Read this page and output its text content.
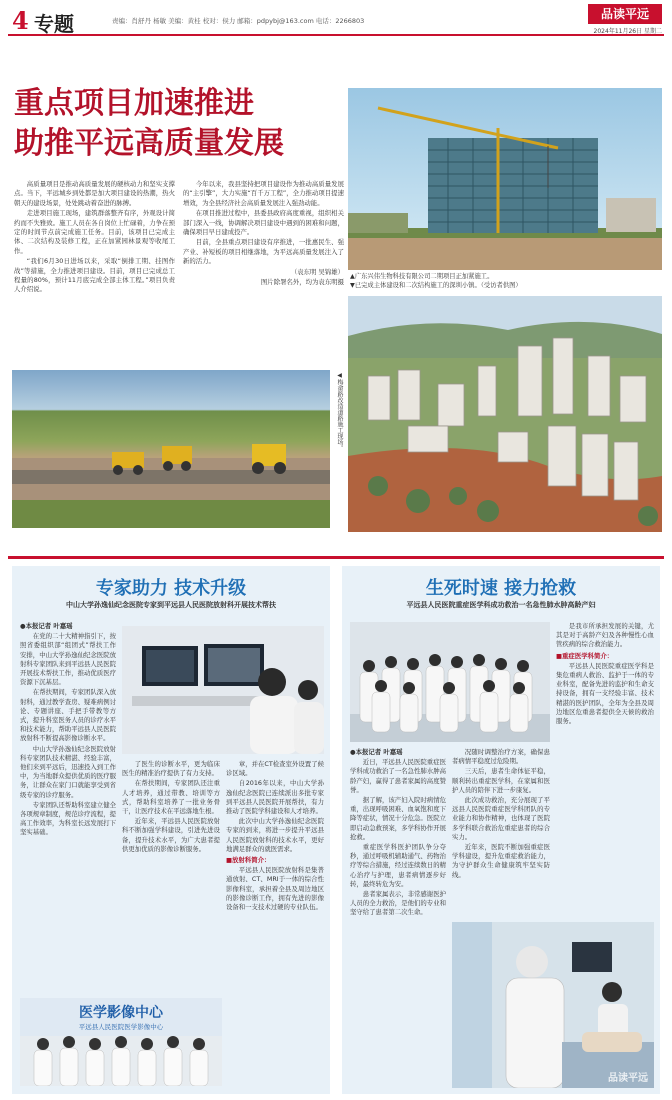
4 专题	责编：肖舒丹 杨敏 美编：黄桂 校对：侯力 邮箱：pdpybj@163.com 电话：2266803	品读平远
2024年11月26日 星期二
重点项目加速推进
助推平远高质量发展

高质量项目是推动高质量发展的硬核动力和坚实支撑点。当下，平远城乡到处都是加大项目建设的热潮，热火朝天的建设场景，处处跳动着奋进的脉搏。

走进项目施工现场，建筑群落整齐有序，外观设计简约而不失雅致。施工人员在各自岗位上忙碌着，力争在预定的时间节点前完成施工任务。目前，该项目已完成主体、二次结构及装修工程，正在加紧园林景观等收尾工作。

“我们6月30日进场以来，采取“倒排工期、挂图作战”等措施，全力推进项目建设。目前，项目已完成总工程量的80%，预计11月底完成全部主体工程。”项目负责人介绍说。

今年以来，我县坚持把项目建设作为推动高质量发展的“主引擎”，大力实施“百千万工程”，全力推动项目提速增效，为全县经济社会高质量发展注入强劲动能。

在项目推进过程中，县委县政府高度重视，组织相关部门深入一线，协调解决项目建设中遇到的困难和问题，确保项目早日建成投产。

目前，全县重点项目建设有序推进，一批惠民生、强产业、补短板的项目相继落地，为平远高质量发展注入了新的活力。

（袁东明 吴锦雄）

图片除署名外，均为袁东明摄

▲广东兴伟生物科技有限公司二期项目正加紧施工。
▼已完成主体建设和二次结构施工的深圳小镇。（受访者供图）
◀梅畲路改造道路施工现场。
专家助力 技术升级
中山大学孙逸仙纪念医院专家到平远县人民医院放射科开展技术帮扶

●本报记者 叶嘉瑶

在党的二十大精神指引下，按照省委组织部“组团式”帮扶工作安排，中山大学孙逸仙纪念医院放射科专家团队来到平远县人民医院开展技术帮扶工作，推动优质医疗资源下沉基层。

在帮扶期间，专家团队深入放射科，通过教学查房、疑难病例讨论、专题讲座、手把手带教等方式，提升科室医务人员的诊疗水平和技术能力，帮助平远县人民医院放射科不断提高影像诊断水平。

中山大学孙逸仙纪念医院放射科专家团队技术精湛、经验丰富，他们来到平远后，迅速投入到工作中，为当地群众提供优质的医疗服务，让群众在家门口就能享受到省级专家的诊疗服务。

专家团队还帮助科室建立健全各项规章制度，规范诊疗流程，提高工作效率，为科室长远发展打下坚实基础。

了医生的诊断水平，更为临床医生的精准治疗提供了有力支持。

在帮扶期间，专家团队还注重人才培养，通过带教、培训等方式，帮助科室培养了一批业务骨干，让医疗技术在平远落地生根。

近年来，平远县人民医院放射科不断加强学科建设，引进先进设备，提升技术水平，为广大患者提供更加优质的影像诊断服务。

章，并在CT检查室外设置了候诊区域。

自2016年以来，中山大学孙逸仙纪念医院已连续派出多批专家到平远县人民医院开展帮扶，有力推动了医院学科建设和人才培养。

此次中山大学孙逸仙纪念医院专家的到来，将进一步提升平远县人民医院放射科的技术水平，更好地满足群众的就医需求。

■放射科简介：

平远县人民医院放射科是集普通放射、CT、MRI于一体的综合性影像科室，承担着全县及周边地区的影像诊断工作，拥有先进的影像设备和一支技术过硬的专业队伍。

医学影像中心
平远县人民医院医学影像中心
生死时速 接力抢救
平远县人民医院重症医学科成功救治一名急性肺水肿高龄产妇

●本报记者 叶嘉瑶

近日，平远县人民医院重症医学科成功救治了一名急性肺水肿高龄产妇，赢得了患者家属的高度赞誉。

据了解，该产妇入院时病情危重，出现呼吸困难、血氧饱和度下降等症状，情况十分危急。医院立即启动急救预案，多学科协作开展抢救。

重症医学科医护团队争分夺秒，通过呼吸机辅助通气、药物治疗等综合措施，经过连续数日的精心治疗与护理，患者病情逐步好转，最终转危为安。

患者家属表示，非常感谢医护人员的全力救治，是他们的专业和坚守给了患者第二次生命。

况随时调整治疗方案，确保患者病情平稳度过危险期。

三天后，患者生命体征平稳，顺利转出重症医学科，在家属和医护人员的陪伴下进一步康复。

此次成功救治，充分展现了平远县人民医院重症医学科团队的专业能力和协作精神，也体现了医院多学科联合救治危重症患者的综合实力。

近年来，医院不断加强重症医学科建设，提升危重症救治能力，为守护群众生命健康筑牢坚实防线。

是我市所承担发展的关键，尤其是对于高龄产妇及各种慢性心血管疾病的综合救治能力。

■重症医学科简介：

平远县人民医院重症医学科是集危重病人救治、监护于一体的专业科室，配备先进的监护和生命支持设备，拥有一支经验丰富、技术精湛的医护团队，全年为全县及周边地区危重患者提供全天候的救治服务。

品读平远
